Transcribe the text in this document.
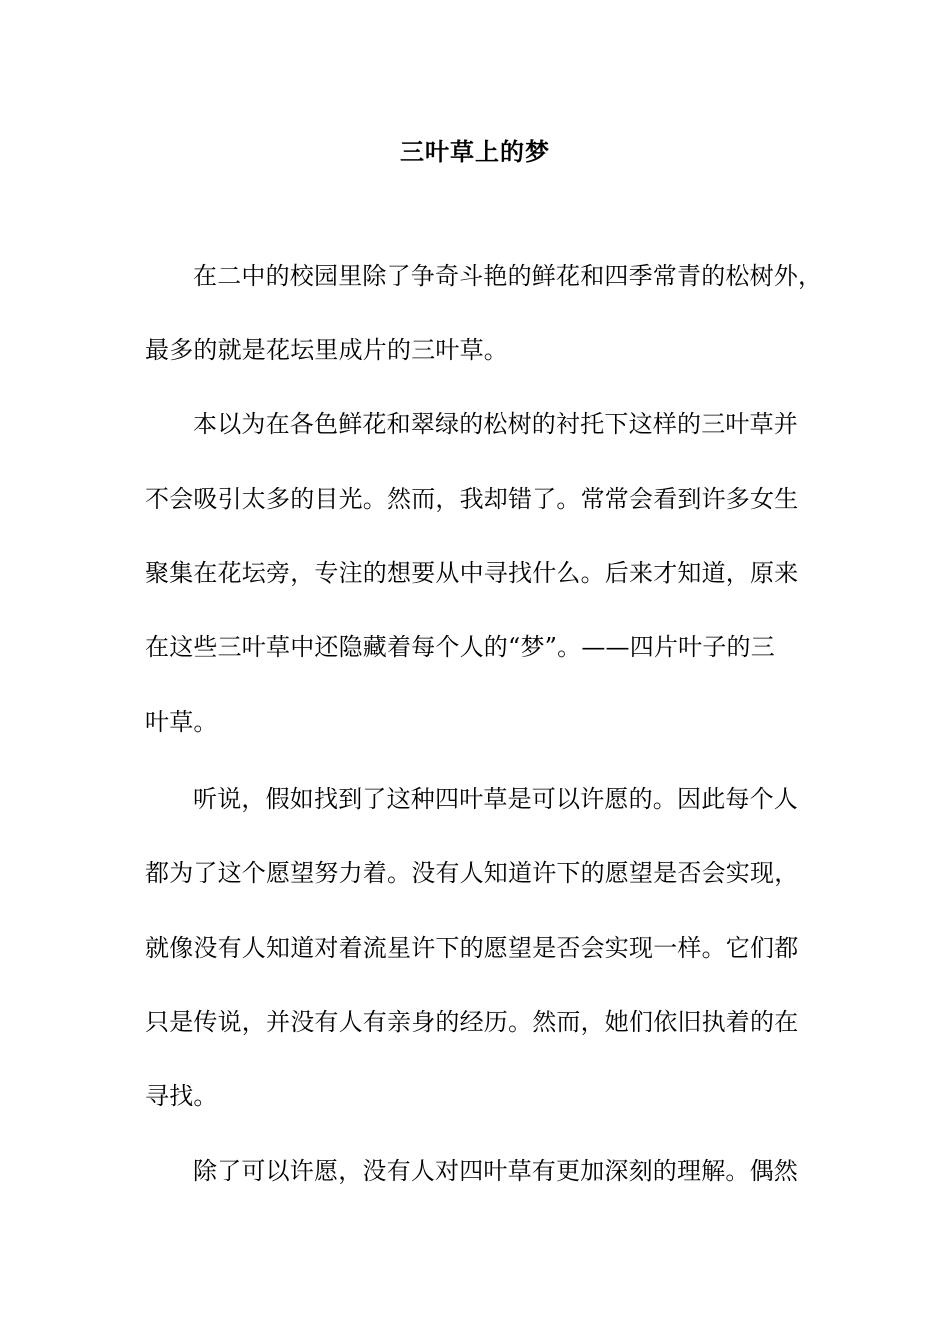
三叶草上的梦
在二中的校园里除了争奇斗艳的鲜花和四季常青的松树外，
最多的就是花坛里成片的三叶草。
本以为在各色鲜花和翠绿的松树的衬托下这样的三叶草并
不会吸引太多的目光。然而，我却错了。常常会看到许多女生
聚集在花坛旁，专注的想要从中寻找什么。后来才知道，原来
在这些三叶草中还隐藏着每个人的“梦”。——四片叶子的三
叶草。
听说，假如找到了这种四叶草是可以许愿的。因此每个人
都为了这个愿望努力着。没有人知道许下的愿望是否会实现，
就像没有人知道对着流星许下的愿望是否会实现一样。它们都
只是传说，并没有人有亲身的经历。然而，她们依旧执着的在
寻找。
除了可以许愿，没有人对四叶草有更加深刻的理解。偶然
